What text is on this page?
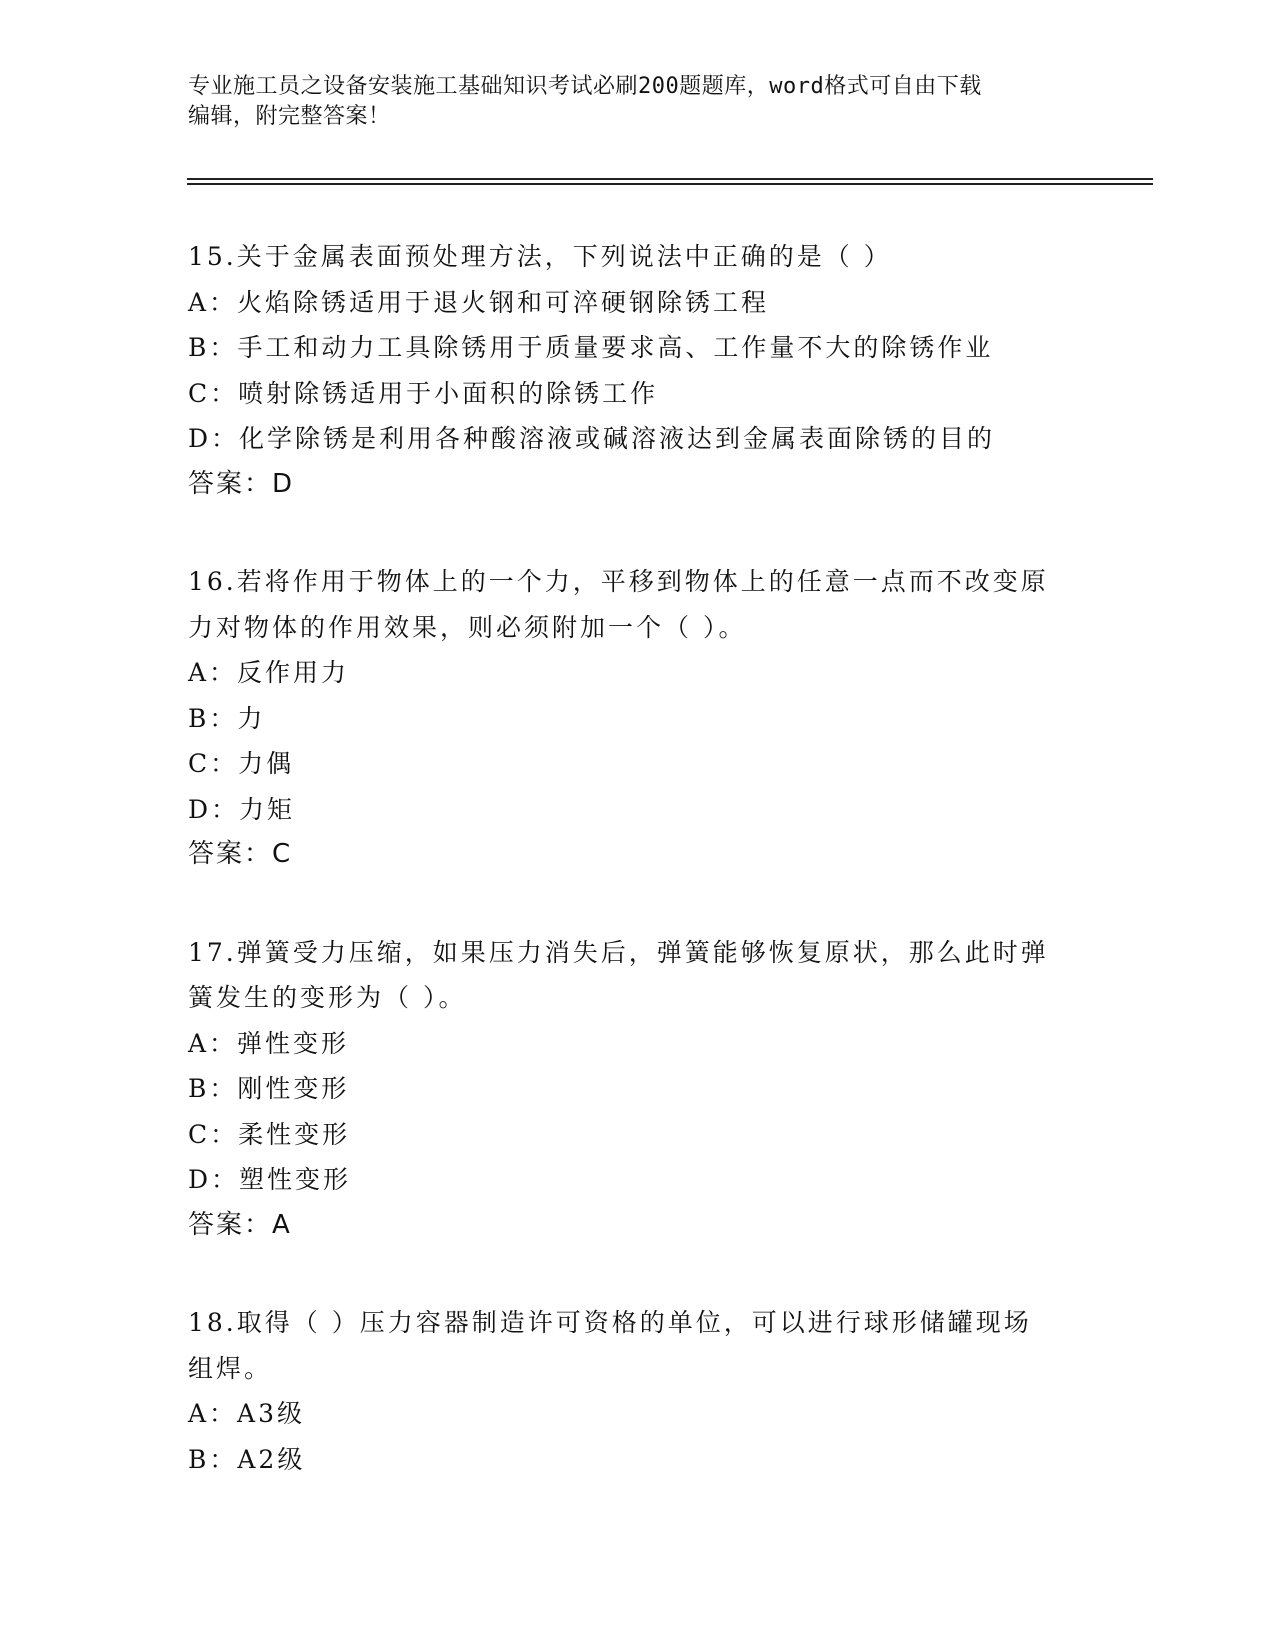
专业施工员之设备安装施工基础知识考试必刷200题题库，word格式可自由下载
编辑，附完整答案！
15.关于金属表面预处理方法，下列说法中正确的是（ ）
A：火焰除锈适用于退火钢和可淬硬钢除锈工程
B：手工和动力工具除锈用于质量要求高、工作量不大的除锈作业
C：喷射除锈适用于小面积的除锈工作
D：化学除锈是利用各种酸溶液或碱溶液达到金属表面除锈的目的
答案：D
16.若将作用于物体上的一个力，平移到物体上的任意一点而不改变原
力对物体的作用效果，则必须附加一个（ ）。
A：反作用力
B：力
C：力偶
D：力矩
答案：C
17.弹簧受力压缩，如果压力消失后，弹簧能够恢复原状，那么此时弹
簧发生的变形为（ ）。
A：弹性变形
B：刚性变形
C：柔性变形
D：塑性变形
答案：A
18.取得（ ）压力容器制造许可资格的单位，可以进行球形储罐现场
组焊。
A：A3级
B：A2级
